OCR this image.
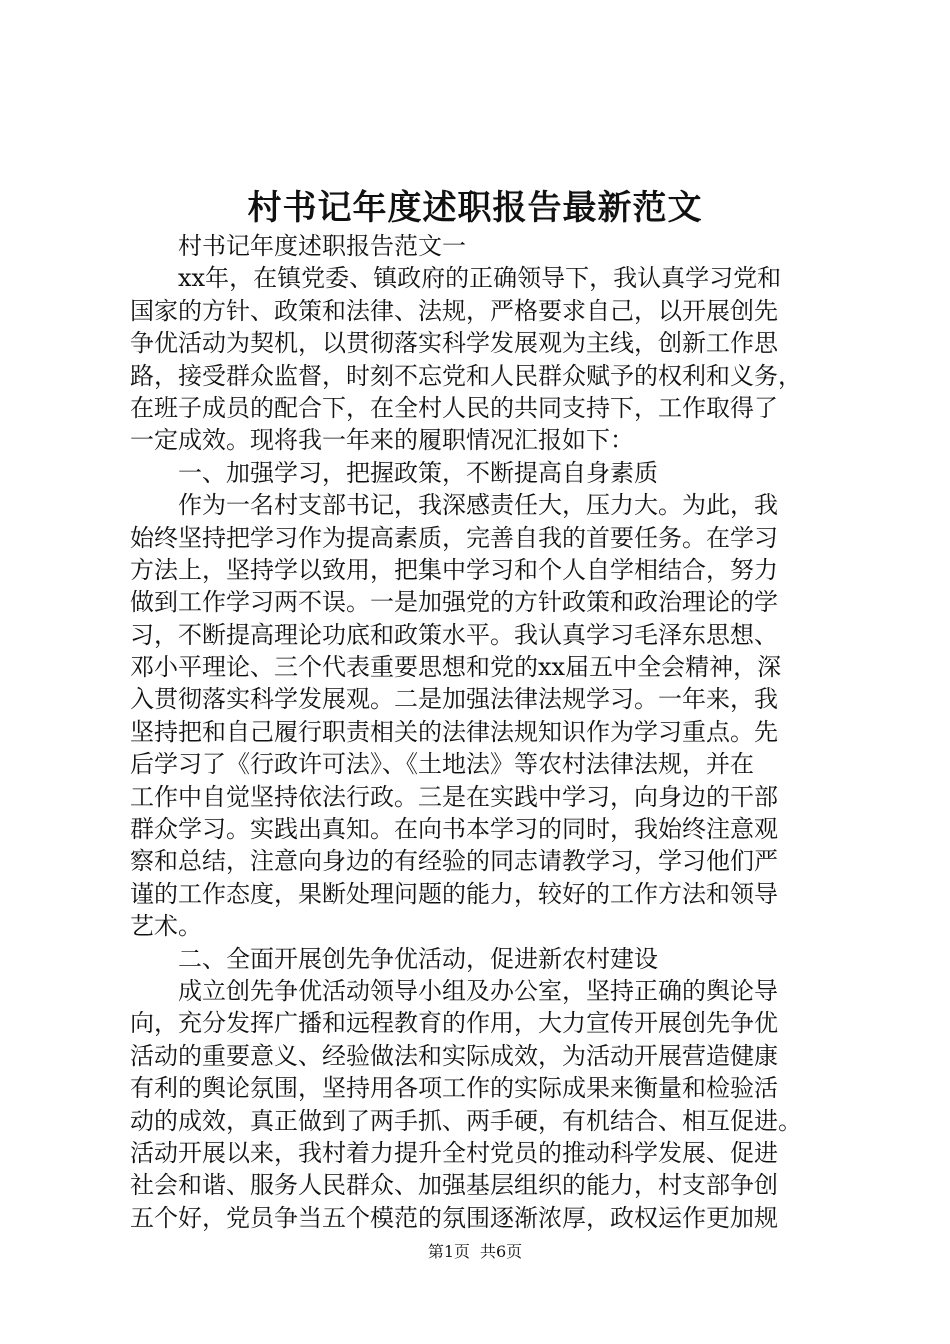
村书记年度述职报告最新范文
村书记年度述职报告范文一
xx年，在镇党委、镇政府的正确领导下，我认真学习党和
国家的方针、政策和法律、法规，严格要求自己，以开展创先
争优活动为契机，以贯彻落实科学发展观为主线，创新工作思
路，接受群众监督，时刻不忘党和人民群众赋予的权利和义务，
在班子成员的配合下，在全村人民的共同支持下，工作取得了
一定成效。现将我一年来的履职情况汇报如下：
一、加强学习，把握政策，不断提高自身素质
作为一名村支部书记，我深感责任大，压力大。为此，我
始终坚持把学习作为提高素质，完善自我的首要任务。在学习
方法上，坚持学以致用，把集中学习和个人自学相结合，努力
做到工作学习两不误。一是加强党的方针政策和政治理论的学
习，不断提高理论功底和政策水平。我认真学习毛泽东思想、
邓小平理论、三个代表重要思想和党的xx届五中全会精神，深
入贯彻落实科学发展观。二是加强法律法规学习。一年来，我
坚持把和自己履行职责相关的法律法规知识作为学习重点。先
后学习了《行政许可法》、《土地法》等农村法律法规，并在
工作中自觉坚持依法行政。三是在实践中学习，向身边的干部
群众学习。实践出真知。在向书本学习的同时，我始终注意观
察和总结，注意向身边的有经验的同志请教学习，学习他们严
谨的工作态度，果断处理问题的能力，较好的工作方法和领导
艺术。
二、全面开展创先争优活动，促进新农村建设
成立创先争优活动领导小组及办公室，坚持正确的舆论导
向，充分发挥广播和远程教育的作用，大力宣传开展创先争优
活动的重要意义、经验做法和实际成效，为活动开展营造健康
有利的舆论氛围，坚持用各项工作的实际成果来衡量和检验活
动的成效，真正做到了两手抓、两手硬，有机结合、相互促进。
活动开展以来，我村着力提升全村党员的推动科学发展、促进
社会和谐、服务人民群众、加强基层组织的能力，村支部争创
五个好，党员争当五个模范的氛围逐渐浓厚，政权运作更加规
第1页 共6页
